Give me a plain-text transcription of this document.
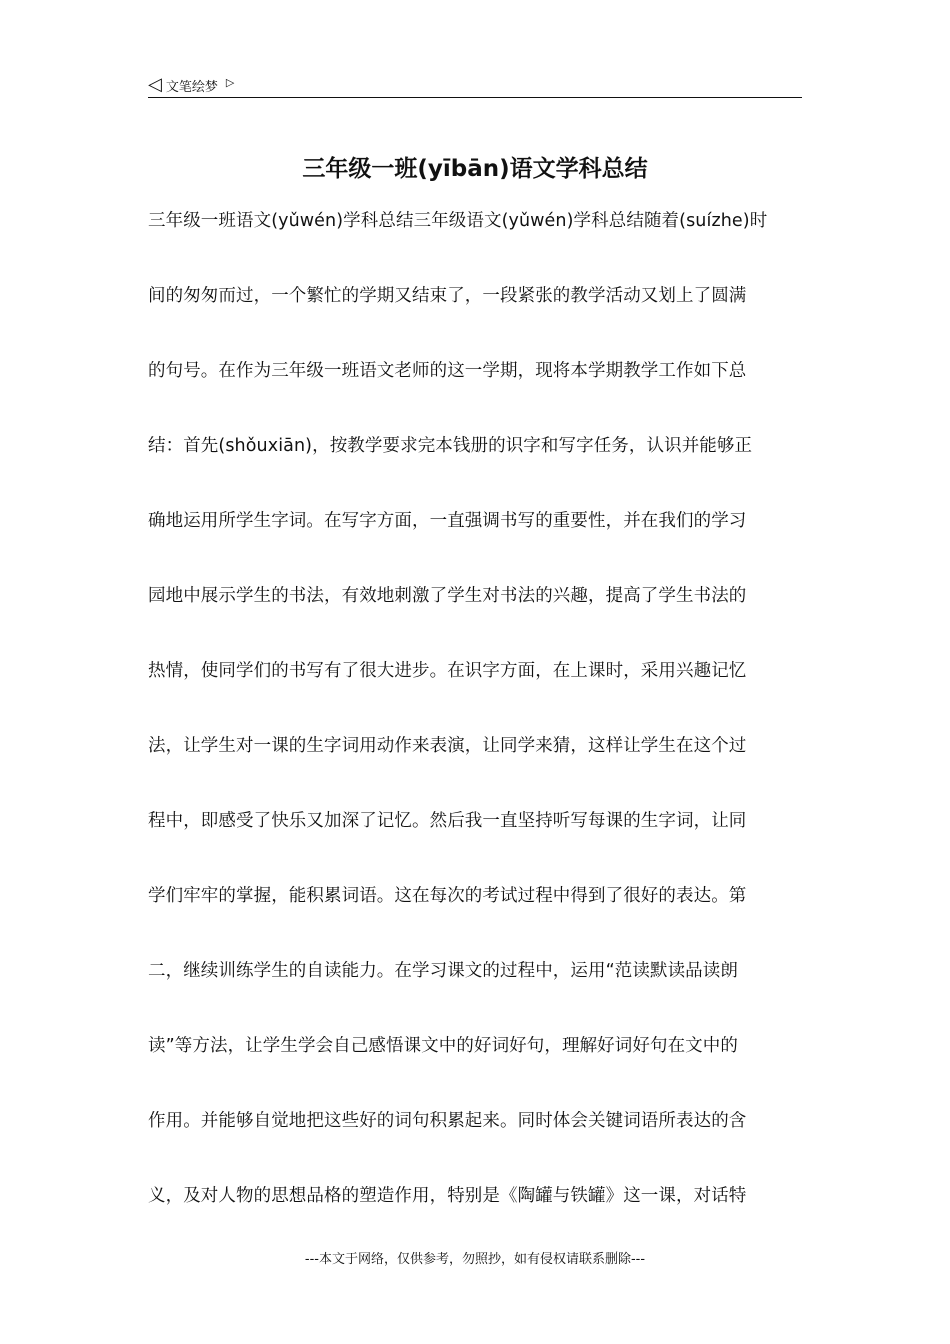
◁ 文笔绘梦 ▷
三年级一班(yībān)语文学科总结

三年级一班语文(yǔwén)学科总结三年级语文(yǔwén)学科总结随着(suízhe)时

间的匆匆而过，一个繁忙的学期又结束了，一段紧张的教学活动又划上了圆满

的句号。在作为三年级一班语文老师的这一学期，现将本学期教学工作如下总

结：首先(shǒuxiān)，按教学要求完本钱册的识字和写字任务，认识并能够正

确地运用所学生字词。在写字方面，一直强调书写的重要性，并在我们的学习

园地中展示学生的书法，有效地刺激了学生对书法的兴趣，提高了学生书法的

热情，使同学们的书写有了很大进步。在识字方面，在上课时，采用兴趣记忆

法，让学生对一课的生字词用动作来表演，让同学来猜，这样让学生在这个过

程中，即感受了快乐又加深了记忆。然后我一直坚持听写每课的生字词，让同

学们牢牢的掌握，能积累词语。这在每次的考试过程中得到了很好的表达。第

二，继续训练学生的自读能力。在学习课文的过程中，运用“范读默读品读朗

读”等方法，让学生学会自己感悟课文中的好词好句，理解好词好句在文中的

作用。并能够自觉地把这些好的词句积累起来。同时体会关键词语所表达的含

义，及对人物的思想品格的塑造作用，特别是《陶罐与铁罐》这一课，对话特

---本文于网络，仅供参考，勿照抄，如有侵权请联系删除---
